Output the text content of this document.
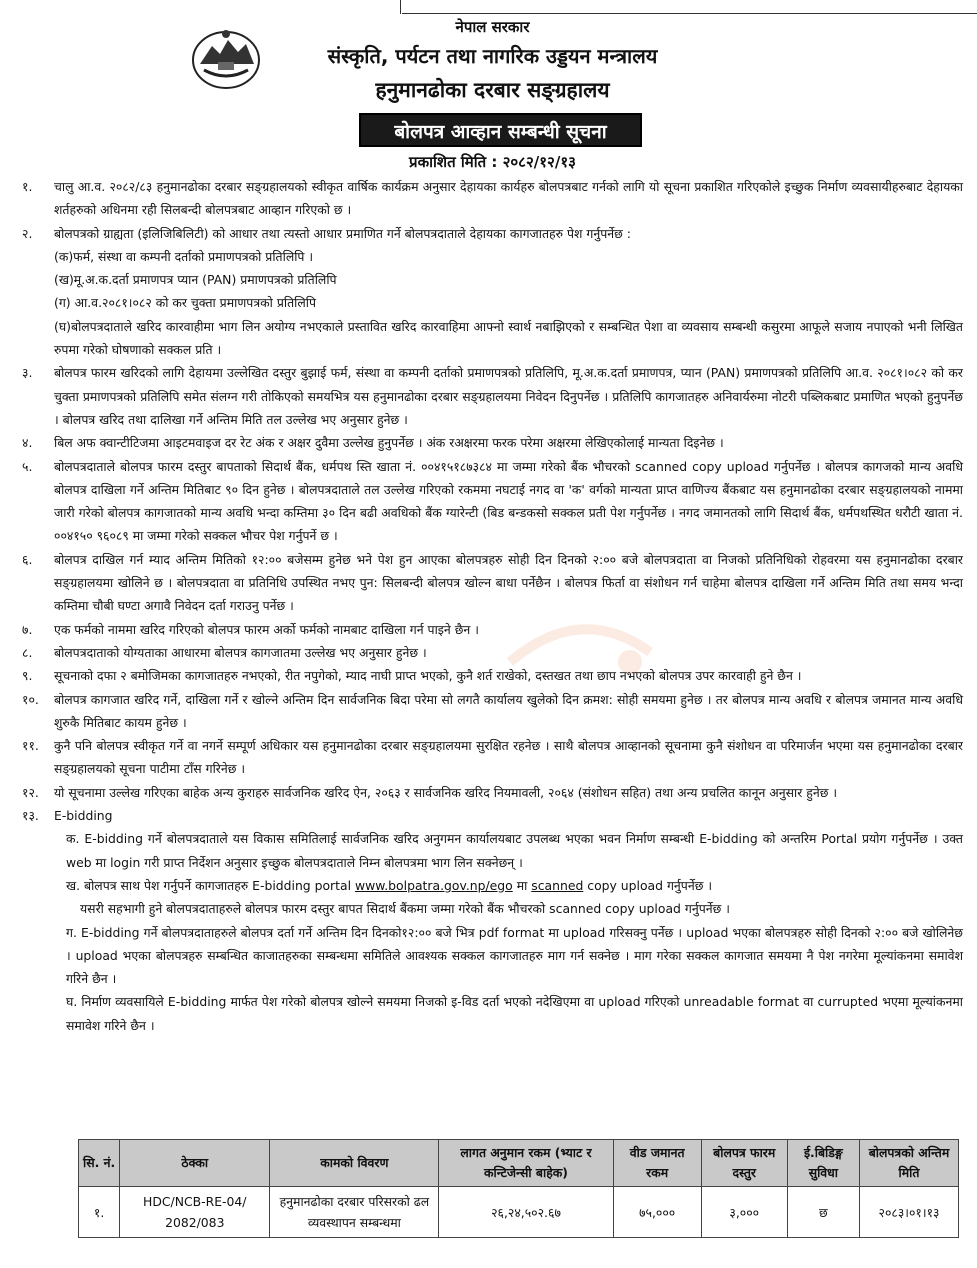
नेपाल सरकार
संस्कृति, पर्यटन तथा नागरिक उड्डयन मन्त्रालय
हनुमानढोका दरबार सङ्ग्रहालय
बोलपत्र आव्हान सम्बन्धी सूचना
प्रकाशित मिति : २०८२/१२/१३
१. चालु आ.व. २०८२/८३ हनुमानढोका दरबार सङ्ग्रहालयको स्वीकृत वार्षिक कार्यक्रम अनुसार देहायका कार्यहरु बोलपत्रबाट गर्नको लागि यो सूचना प्रकाशित गरिएकोले इच्छुक निर्माण व्यवसायीहरुबाट देहायका शर्तहरुको अधिनमा रही सिलबन्दी बोलपत्रबाट आव्हान गरिएको छ ।
२. बोलपत्रको ग्राह्यता (इलिजिबिलिटी) को आधार तथा त्यस्तो आधार प्रमाणित गर्ने बोलपत्रदाताले देहायका कागजातहरु पेश गर्नुपर्नेछ :
(क)फर्म, संस्था वा कम्पनी दर्ताको प्रमाणपत्रको प्रतिलिपि ।
(ख)मू.अ.क.दर्ता प्रमाणपत्र प्यान (PAN) प्रमाणपत्रको प्रतिलिपि
(ग) आ.व.२०८१।०८२ को कर चुक्ता प्रमाणपत्रको प्रतिलिपि
(घ)बोलपत्रदाताले खरिद कारवाहीमा भाग लिन अयोग्य नभएकाले प्रस्तावित खरिद कारवाहिमा आफ्नो स्वार्थ नबाझिएको र सम्बन्धित पेशा वा व्यवसाय सम्बन्धी कसुरमा आफूले सजाय नपाएको भनी लिखित रुपमा गरेको घोषणाको सक्कल प्रति ।
३. बोलपत्र फारम खरिदको लागि देहायमा उल्लेखित दस्तुर बुझाई फर्म, संस्था वा कम्पनी दर्ताको प्रमाणपत्रको प्रतिलिपि, मू.अ.क.दर्ता प्रमाणपत्र, प्यान (PAN) प्रमाणपत्रको प्रतिलिपि आ.व. २०८१।०८२ को कर चुक्ता प्रमाणपत्रको प्रतिलिपि समेत संलग्न गरी तोकिएको समयभित्र यस हनुमानढोका दरबार सङ्ग्रहालयमा निवेदन दिनुपर्नेछ । प्रतिलिपि कागजातहरु अनिवार्यरुमा नोटरी पब्लिकबाट प्रमाणित भएको हुनुपर्नेछ । बोलपत्र खरिद तथा दालिखा गर्ने अन्तिम मिति तल उल्लेख भए अनुसार हुनेछ ।
४. बिल अफ क्वान्टीटिजमा आइटमवाइज दर रेट अंक र अक्षर दुवैमा उल्लेख हुनुपर्नेछ । अंक रअक्षरमा फरक परेमा अक्षरमा लेखिएकोलाई मान्यता दिइनेछ ।
५. बोलपत्रदाताले बोलपत्र फारम दस्तुर बापताको सिदार्थ बैंक, धर्मपथ स्ति खाता नं. ००४१५१८७३८४ मा जम्मा गरेको बैंक भौचरको scanned copy upload गर्नुपर्नेछ । बोलपत्र कागजको मान्य अवधि बोलपत्र दाखिला गर्ने अन्तिम मितिबाट ९० दिन हुनेछ । बोलपत्रदाताले तल उल्लेख गरिएको रकममा नघटाई नगद वा 'क' वर्गको मान्यता प्राप्त वाणिज्य बैंकबाट यस हनुमानढोका दरबार सङ्ग्रहालयको नाममा जारी गरेको बोलपत्र कागजातको मान्य अवधि भन्दा कम्तिमा ३० दिन बढी अवधिको बैंक ग्यारेन्टी (बिड बन्डकसो सक्कल प्रती पेश गर्नुपर्नेछ । नगद जमानतको लागि सिदार्थ बैंक, धर्मपथस्थित धरौटी खाता नं. ००४१५० ९६०८९ मा जम्मा गरेको सक्कल भौचर पेश गर्नुपर्ने छ ।
६. बोलपत्र दाखिल गर्न म्याद अन्तिम मितिको १२:०० बजेसम्म हुनेछ भने पेश हुन आएका बोलपत्रहरु सोही दिन दिनको २:०० बजे बोलपत्रदाता वा निजको प्रतिनिधिको रोहवरमा यस हनुमानढोका दरबार सङ्ग्रहालयमा खोलिने छ । बोलपत्रदाता वा प्रतिनिधि उपस्थित नभए पुन: सिलबन्दी बोलपत्र खोल्न बाधा पर्नेछैन । बोलपत्र फिर्ता वा संशोधन गर्न चाहेमा बोलपत्र दाखिला गर्ने अन्तिम मिति तथा समय भन्दा कम्तिमा चौबी घण्टा अगावै निवेदन दर्ता गराउनु पर्नेछ ।
७. एक फर्मको नाममा खरिद गरिएको बोलपत्र फारम अर्को फर्मको नामबाट दाखिला गर्न पाइने छैन ।
८. बोलपत्रदाताको योग्यताका आधारमा बोलपत्र कागजातमा उल्लेख भए अनुसार हुनेछ ।
९. सूचनाको दफा २ बमोजिमका कागजातहरु नभएको, रीत नपुगेको, म्याद नाघी प्राप्त भएको, कुनै शर्त राखेको, दस्तखत तथा छाप नभएको बोलपत्र उपर कारवाही हुने छैन ।
१०. बोलपत्र कागजात खरिद गर्ने, दाखिला गर्ने र खोल्ने अन्तिम दिन सार्वजनिक बिदा परेमा सो लगतै कार्यालय खुलेको दिन क्रमश: सोही समयमा हुनेछ । तर बोलपत्र मान्य अवधि र बोलपत्र जमानत मान्य अवधि शुरुकै मितिबाट कायम हुनेछ ।
११. कुनै पनि बोलपत्र स्वीकृत गर्ने वा नगर्ने सम्पूर्ण अधिकार यस हनुमानढोका दरबार सङ्ग्रहालयमा सुरक्षित रहनेछ । साथै बोलपत्र आव्हानको सूचनामा कुनै संशोधन वा परिमार्जन भएमा यस हनुमानढोका दरबार सङ्ग्रहालयको सूचना पाटीमा टाँस गरिनेछ ।
१२. यो सूचनामा उल्लेख गरिएका बाहेक अन्य कुराहरु सार्वजनिक खरिद ऐन, २०६३ र सार्वजनिक खरिद नियमावली, २०६४ (संशोधन सहित) तथा अन्य प्रचलित कानून अनुसार हुनेछ ।
१३. E-bidding
क. E-bidding गर्ने बोलपत्रदाताले यस विकास समितिलाई सार्वजनिक खरिद अनुगमन कार्यालयबाट उपलब्ध भएका भवन निर्माण सम्बन्धी E-bidding को अन्तरिम Portal प्रयोग गर्नुपर्नेछ । उक्त web मा login गरी प्राप्त निर्देशन अनुसार इच्छुक बोलपत्रदाताले निम्न बोलपत्रमा भाग लिन सक्नेछन् ।
ख. बोलपत्र साथ पेश गर्नुपर्ने कागजातहरु E-bidding portal www.bolpatra.gov.np/ego मा scanned copy upload गर्नुपर्नेछ ।
यसरी सहभागी हुने बोलपत्रदाताहरुले बोलपत्र फारम दस्तुर बापत सिदार्थ बैंकमा जम्मा गरेको बैंक भौचरको scanned copy upload गर्नुपर्नेछ ।
ग. E-bidding गर्ने बोलपत्रदाताहरुले बोलपत्र दर्ता गर्ने अन्तिम दिन दिनको१२:०० बजे भित्र pdf format मा upload गरिसक्नु पर्नेछ । upload भएका बोलपत्रहरु सोही दिनको २:०० बजे खोलिनेछ । upload भएका बोलपत्रहरु सम्बन्धित काजातहरुका सम्बन्धमा समितिले आवश्यक सक्कल कागजातहरु माग गर्न सक्नेछ । माग गरेका सक्कल कागजात समयमा नै पेश नगरेमा मूल्यांकनमा समावेश गरिने छैन ।
घ. निर्माण व्यवसायिले E-bidding मार्फत पेश गरेको बोलपत्र खोल्ने समयमा निजको इ-विड दर्ता भएको नदेखिएमा वा upload गरिएको unreadable format वा currupted भएमा मूल्यांकनमा समावेश गरिने छैन ।
सि. नं.	ठेक्का	कामको विवरण	लागत अनुमान रकम (भ्याट र कन्टिजेन्सी बाहेक)	वीड जमानत रकम	बोलपत्र फारम दस्तुर	ई.बिडिङ्ग सुविधा	बोलपत्रको अन्तिम मिति
१.	HDC/NCB-RE-04/ 2082/083	हनुमानढोका दरबार परिसरको ढल व्यवस्थापन सम्बन्धमा	२६,२४,५०२.६७	७५,०००	३,०००	छ	२०८३।०१।१३
